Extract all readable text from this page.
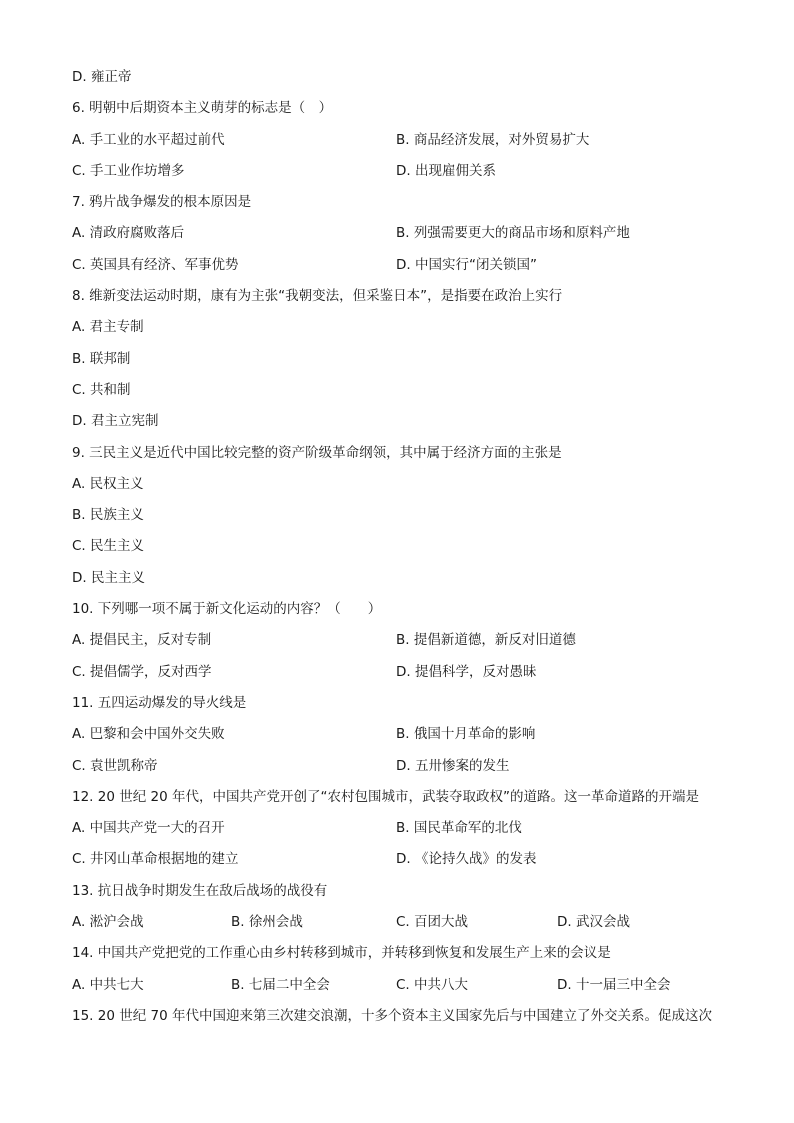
D. 雍正帝
6. 明朝中后期资本主义萌芽的标志是（　）
A. 手工业的水平超过前代	B. 商品经济发展，对外贸易扩大
C. 手工业作坊增多	D. 出现雇佣关系
7. 鸦片战争爆发的根本原因是
A. 清政府腐败落后	B. 列强需要更大的商品市场和原料产地
C. 英国具有经济、军事优势	D. 中国实行“闭关锁国”
8. 维新变法运动时期，康有为主张“我朝变法，但采鉴日本”，是指要在政治上实行
A. 君主专制
B. 联邦制
C. 共和制
D. 君主立宪制
9. 三民主义是近代中国比较完整的资产阶级革命纲领，其中属于经济方面的主张是
A. 民权主义
B. 民族主义
C. 民生主义
D. 民主主义
10. 下列哪一项不属于新文化运动的内容？（　　）
A. 提倡民主，反对专制	B. 提倡新道德，新反对旧道德
C. 提倡儒学，反对西学	D. 提倡科学，反对愚昧
11. 五四运动爆发的导火线是
A. 巴黎和会中国外交失败	B. 俄国十月革命的影响
C. 袁世凯称帝	D. 五卅惨案的发生
12. 20 世纪 20 年代，中国共产党开创了“农村包围城市，武装夺取政权”的道路。这一革命道路的开端是
A. 中国共产党一大的召开	B. 国民革命军的北伐
C. 井冈山革命根据地的建立	D. 《论持久战》的发表
13. 抗日战争时期发生在敌后战场的战役有
A. 淞沪会战	B. 徐州会战	C. 百团大战	D. 武汉会战
14. 中国共产党把党的工作重心由乡村转移到城市，并转移到恢复和发展生产上来的会议是
A. 中共七大	B. 七届二中全会	C. 中共八大	D. 十一届三中全会
15. 20 世纪 70 年代中国迎来第三次建交浪潮，十多个资本主义国家先后与中国建立了外交关系。促成这次
